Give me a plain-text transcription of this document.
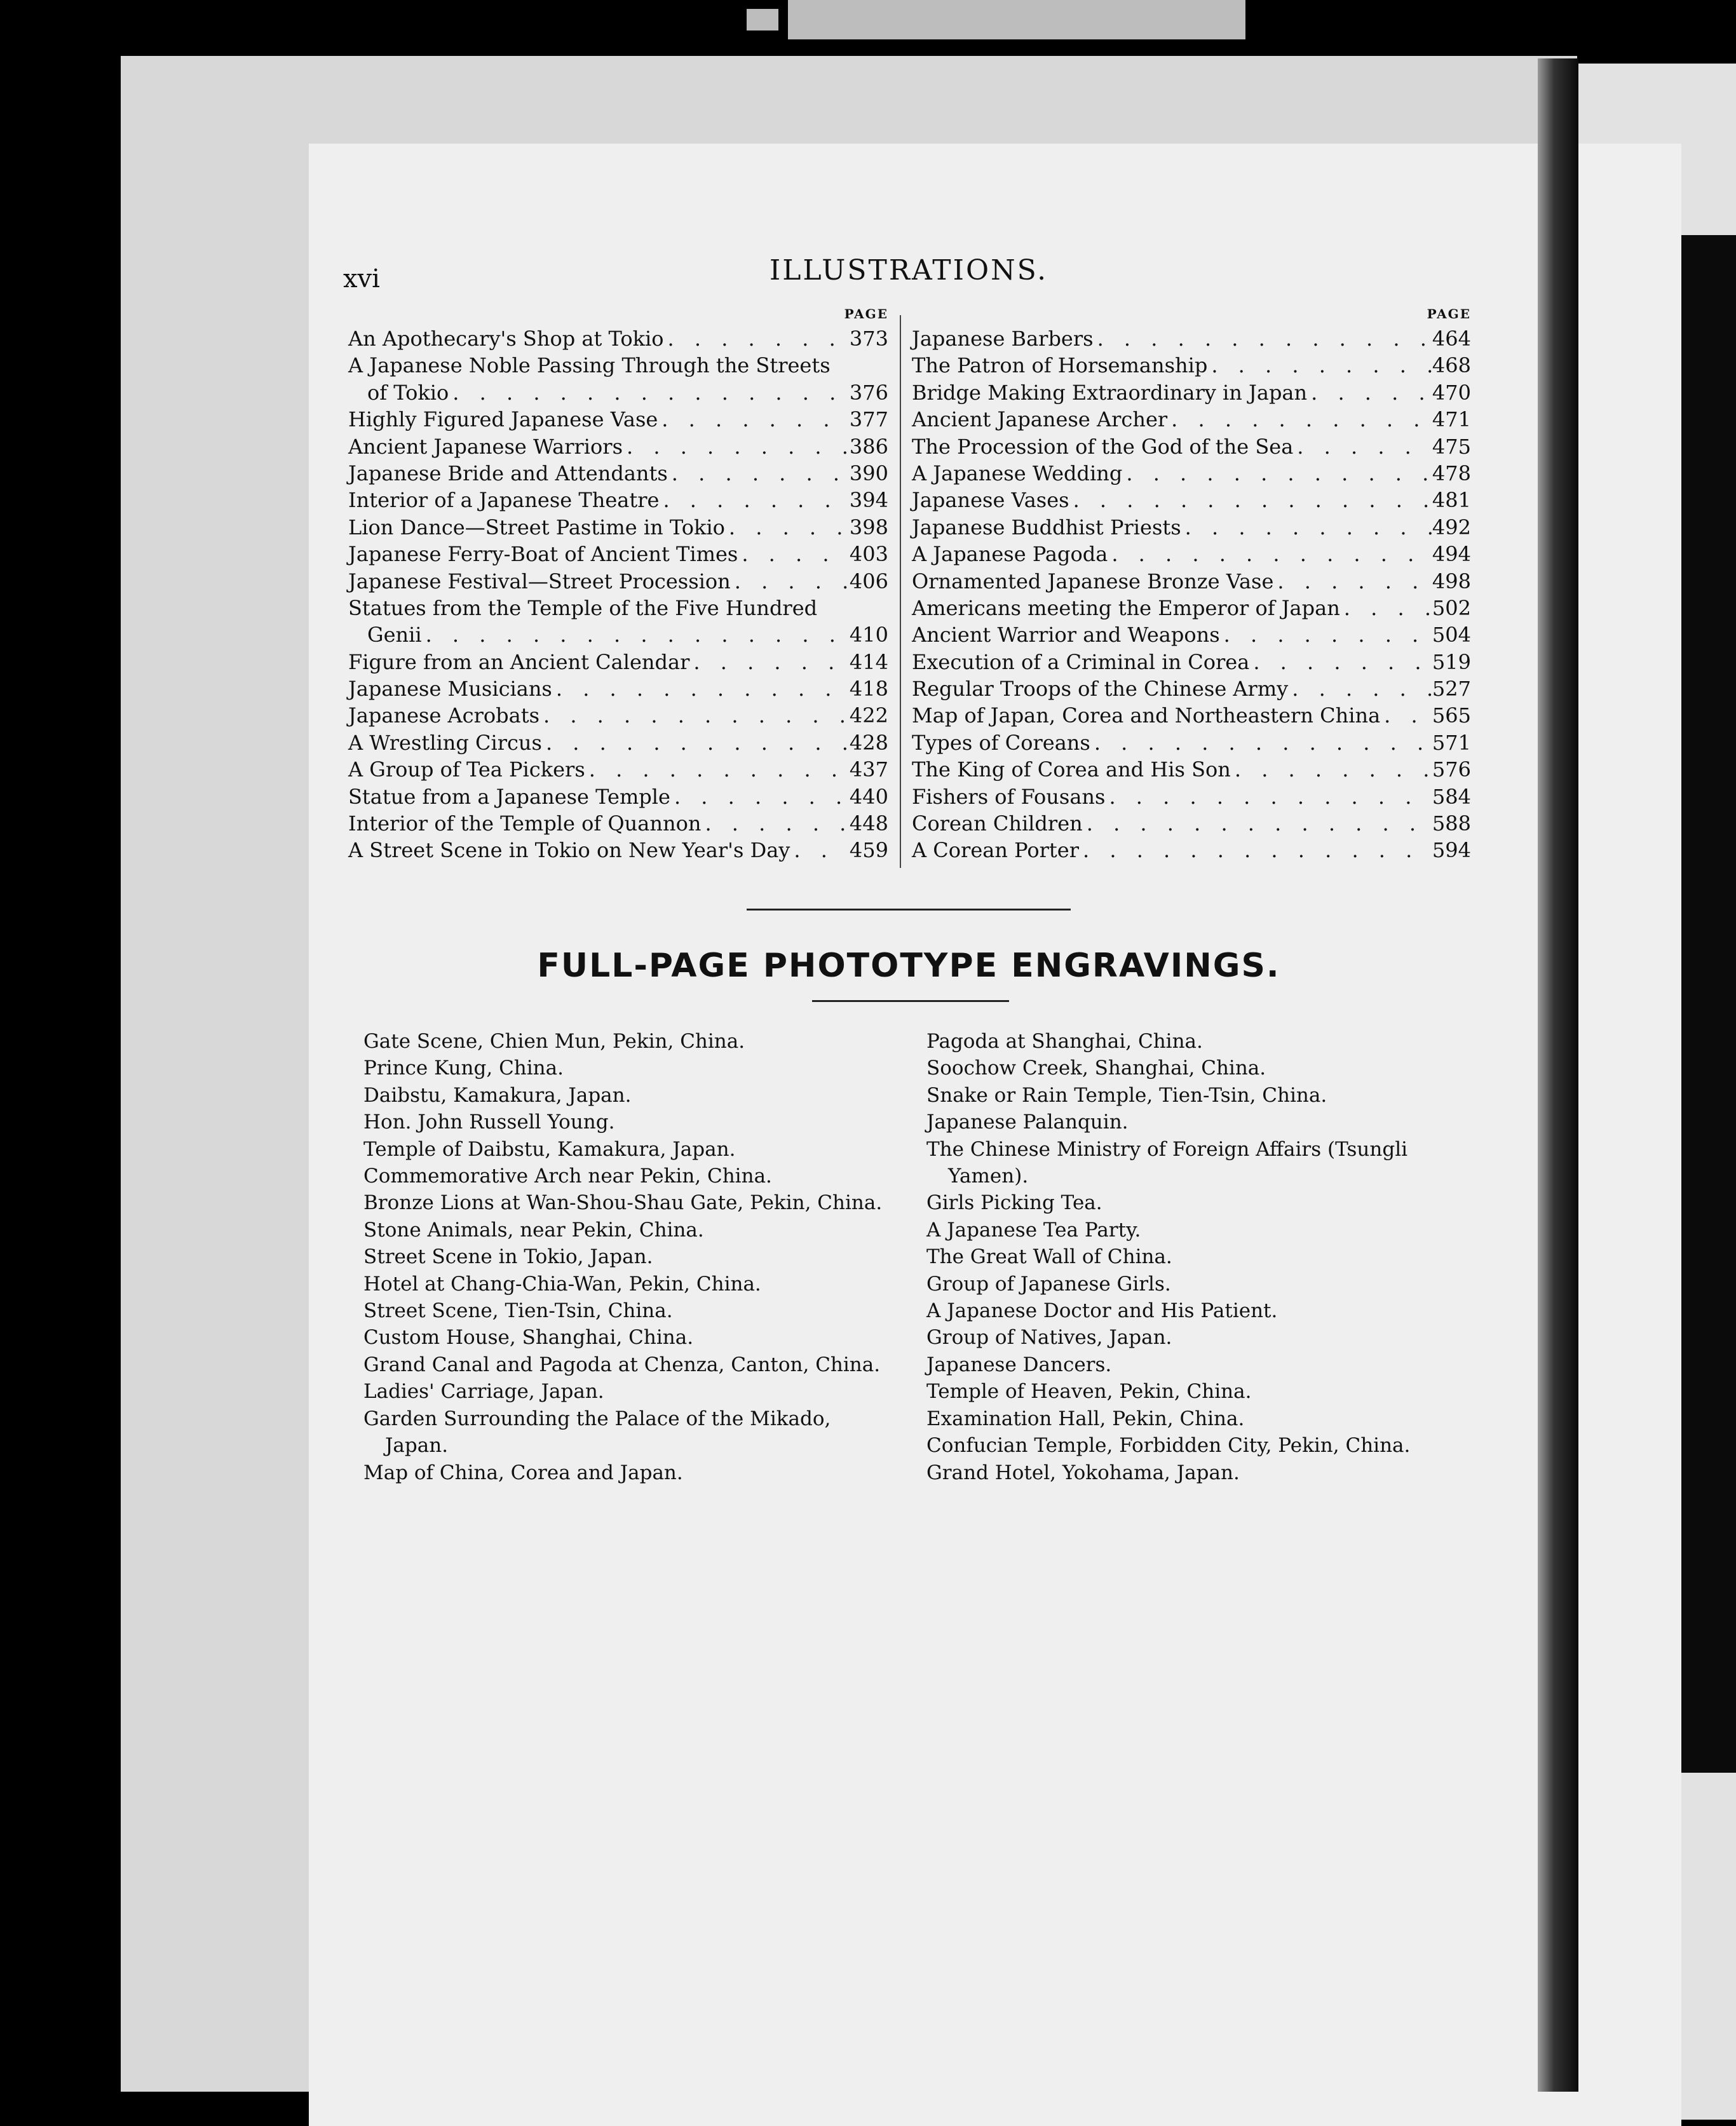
xvi	ILLUSTRATIONS.
PAGE
An Apothecary's Shop at Tokio . . .	373
A Japanese Noble Passing Through the Streets
of Tokio . . .	376
Highly Figured Japanese Vase . . .	377
Ancient Japanese Warriors . . .	386
Japanese Bride and Attendants . . .	390
Interior of a Japanese Theatre . . .	394
Lion Dance—Street Pastime in Tokio . . .	398
Japanese Ferry-Boat of Ancient Times . . .	403
Japanese Festival—Street Procession . . .	406
Statues from the Temple of the Five Hundred
Genii . . .	410
Figure from an Ancient Calendar . . .	414
Japanese Musicians . . .	418
Japanese Acrobats . . .	422
A Wrestling Circus . . .	428
A Group of Tea Pickers . . .	437
Statue from a Japanese Temple . . .	440
Interior of the Temple of Quannon . . .	448
A Street Scene in Tokio on New Year's Day . . .	459
PAGE
Japanese Barbers . . .	464
The Patron of Horsemanship . . .	468
Bridge Making Extraordinary in Japan . . .	470
Ancient Japanese Archer . . .	471
The Procession of the God of the Sea . . .	475
A Japanese Wedding . . .	478
Japanese Vases . . .	481
Japanese Buddhist Priests . . .	492
A Japanese Pagoda . . .	494
Ornamented Japanese Bronze Vase . . .	498
Americans meeting the Emperor of Japan . . .	502
Ancient Warrior and Weapons . . .	504
Execution of a Criminal in Corea . . .	519
Regular Troops of the Chinese Army . . .	527
Map of Japan, Corea and Northeastern China . . .	565
Types of Coreans . . .	571
The King of Corea and His Son . . .	576
Fishers of Fousans . . .	584
Corean Children . . .	588
A Corean Porter . . .	594
FULL-PAGE PHOTOTYPE ENGRAVINGS.
Gate Scene, Chien Mun, Pekin, China.
Prince Kung, China.
Daibstu, Kamakura, Japan.
Hon. John Russell Young.
Temple of Daibstu, Kamakura, Japan.
Commemorative Arch near Pekin, China.
Bronze Lions at Wan-Shou-Shau Gate, Pekin, China.
Stone Animals, near Pekin, China.
Street Scene in Tokio, Japan.
Hotel at Chang-Chia-Wan, Pekin, China.
Street Scene, Tien-Tsin, China.
Custom House, Shanghai, China.
Grand Canal and Pagoda at Chenza, Canton, China.
Ladies' Carriage, Japan.
Garden Surrounding the Palace of the Mikado,
Japan.
Map of China, Corea and Japan.
Pagoda at Shanghai, China.
Soochow Creek, Shanghai, China.
Snake or Rain Temple, Tien-Tsin, China.
Japanese Palanquin.
The Chinese Ministry of Foreign Affairs (Tsungli
Yamen).
Girls Picking Tea.
A Japanese Tea Party.
The Great Wall of China.
Group of Japanese Girls.
A Japanese Doctor and His Patient.
Group of Natives, Japan.
Japanese Dancers.
Temple of Heaven, Pekin, China.
Examination Hall, Pekin, China.
Confucian Temple, Forbidden City, Pekin, China.
Grand Hotel, Yokohama, Japan.
